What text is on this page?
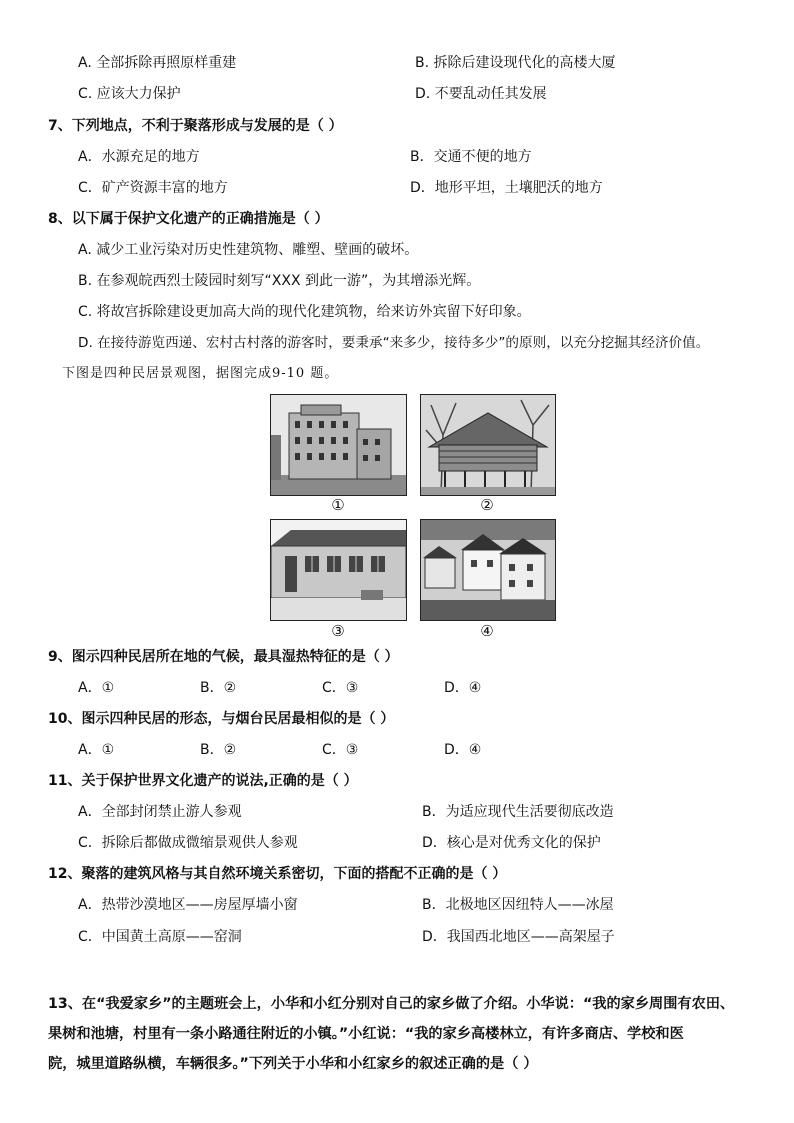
A. 全部拆除再照原样重建	B. 拆除后建设现代化的高楼大厦
C. 应该大力保护	D. 不要乱动任其发展
7、下列地点，不利于聚落形成与发展的是（ ）
A．水源充足的地方	B．交通不便的地方
C．矿产资源丰富的地方	D．地形平坦，土壤肥沃的地方
8、以下属于保护文化遗产的正确措施是（ ）
A. 减少工业污染对历史性建筑物、雕塑、壁画的破坏。
B. 在参观皖西烈士陵园时刻写“XXX 到此一游”，为其增添光辉。
C. 将故宫拆除建设更加高大尚的现代化建筑物，给来访外宾留下好印象。
D. 在接待游览西递、宏村古村落的游客时，要秉承“来多少，接待多少”的原则，以充分挖掘其经济价值。
下图是四种民居景观图，据图完成9-10 题。
①	②
③	④
9、图示四种民居所在地的气候，最具湿热特征的是（ ）
A．①	B．②	C．③	D．④
10、图示四种民居的形态，与烟台民居最相似的是（ ）
A．①	B．②	C．③	D．④
11、关于保护世界文化遗产的说法,正确的是（ ）
A．全部封闭禁止游人参观	B．为适应现代生活要彻底改造
C．拆除后都做成微缩景观供人参观	D．核心是对优秀文化的保护
12、聚落的建筑风格与其自然环境关系密切，下面的搭配不正确的是（ ）
A．热带沙漠地区——房屋厚墙小窗	B．北极地区因纽特人——冰屋
C．中国黄土高原——窑洞	D．我国西北地区——高架屋子
13、在“我爱家乡”的主题班会上，小华和小红分别对自己的家乡做了介绍。小华说：“我的家乡周围有农田、
果树和池塘，村里有一条小路通往附近的小镇。”小红说：“我的家乡高楼林立，有许多商店、学校和医
院，城里道路纵横，车辆很多。”下列关于小华和小红家乡的叙述正确的是（ ）
